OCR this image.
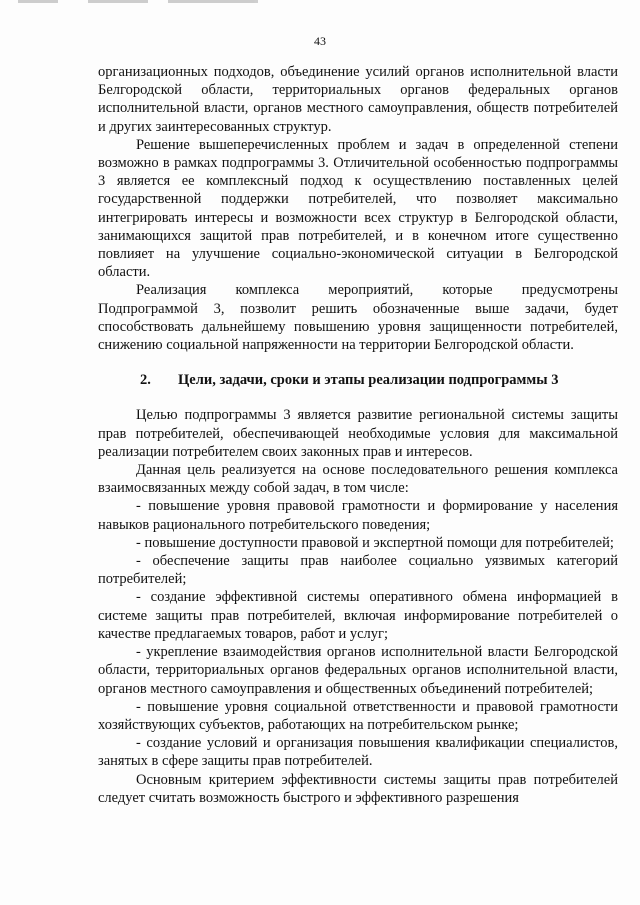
43

организационных подходов, объединение усилий органов исполнительной власти Белгородской области, территориальных органов федеральных органов исполнительной власти, органов местного самоуправления, обществ потребителей и других заинтересованных структур.

Решение вышеперечисленных проблем и задач в определенной степени возможно в рамках подпрограммы 3. Отличительной особенностью подпрограммы 3 является ее комплексный подход к осуществлению поставленных целей государственной поддержки потребителей, что позволяет максимально интегрировать интересы и возможности всех структур в Белгородской области, занимающихся защитой прав потребителей, и в конечном итоге существенно повлияет на улучшение социально-экономической ситуации в Белгородской области.

Реализация комплекса мероприятий, которые предусмотрены Подпрограммой 3, позволит решить обозначенные выше задачи, будет способствовать дальнейшему повышению уровня защищенности потребителей, снижению социальной напряженности на территории Белгородской области.

2. Цели, задачи, сроки и этапы реализации подпрограммы 3

Целью подпрограммы 3 является развитие региональной системы защиты прав потребителей, обеспечивающей необходимые условия для максимальной реализации потребителем своих законных прав и интересов.

Данная цель реализуется на основе последовательного решения комплекса взаимосвязанных между собой задач, в том числе:

- повышение уровня правовой грамотности и формирование у населения навыков рационального потребительского поведения;

- повышение доступности правовой и экспертной помощи для потребителей;

- обеспечение защиты прав наиболее социально уязвимых категорий потребителей;

- создание эффективной системы оперативного обмена информацией в системе защиты прав потребителей, включая информирование потребителей о качестве предлагаемых товаров, работ и услуг;

- укрепление взаимодействия органов исполнительной власти Белгородской области, территориальных органов федеральных органов исполнительной власти, органов местного самоуправления и общественных объединений потребителей;

- повышение уровня социальной ответственности и правовой грамотности хозяйствующих субъектов, работающих на потребительском рынке;

- создание условий и организация повышения квалификации специалистов, занятых в сфере защиты прав потребителей.

Основным критерием эффективности системы защиты прав потребителей следует считать возможность быстрого и эффективного разрешения
